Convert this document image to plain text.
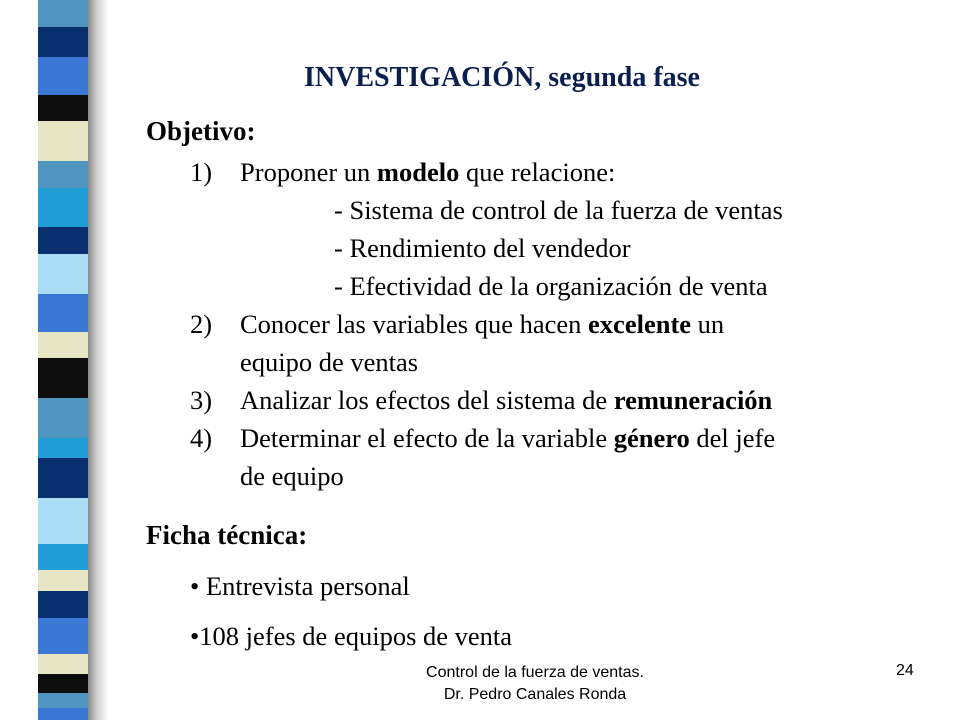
INVESTIGACIÓN, segunda fase
Objetivo:
1) Proponer un modelo que relacione:
- Sistema de control de la fuerza de ventas
- Rendimiento del vendedor
- Efectividad de la organización de venta
2) Conocer las variables que hacen excelente un
equipo de ventas
3) Analizar los efectos del sistema de remuneración
4) Determinar el efecto de la variable género del jefe
de equipo
Ficha técnica:
• Entrevista personal
•108 jefes de equipos de venta
Control de la fuerza de ventas.
Dr. Pedro Canales Ronda
24
